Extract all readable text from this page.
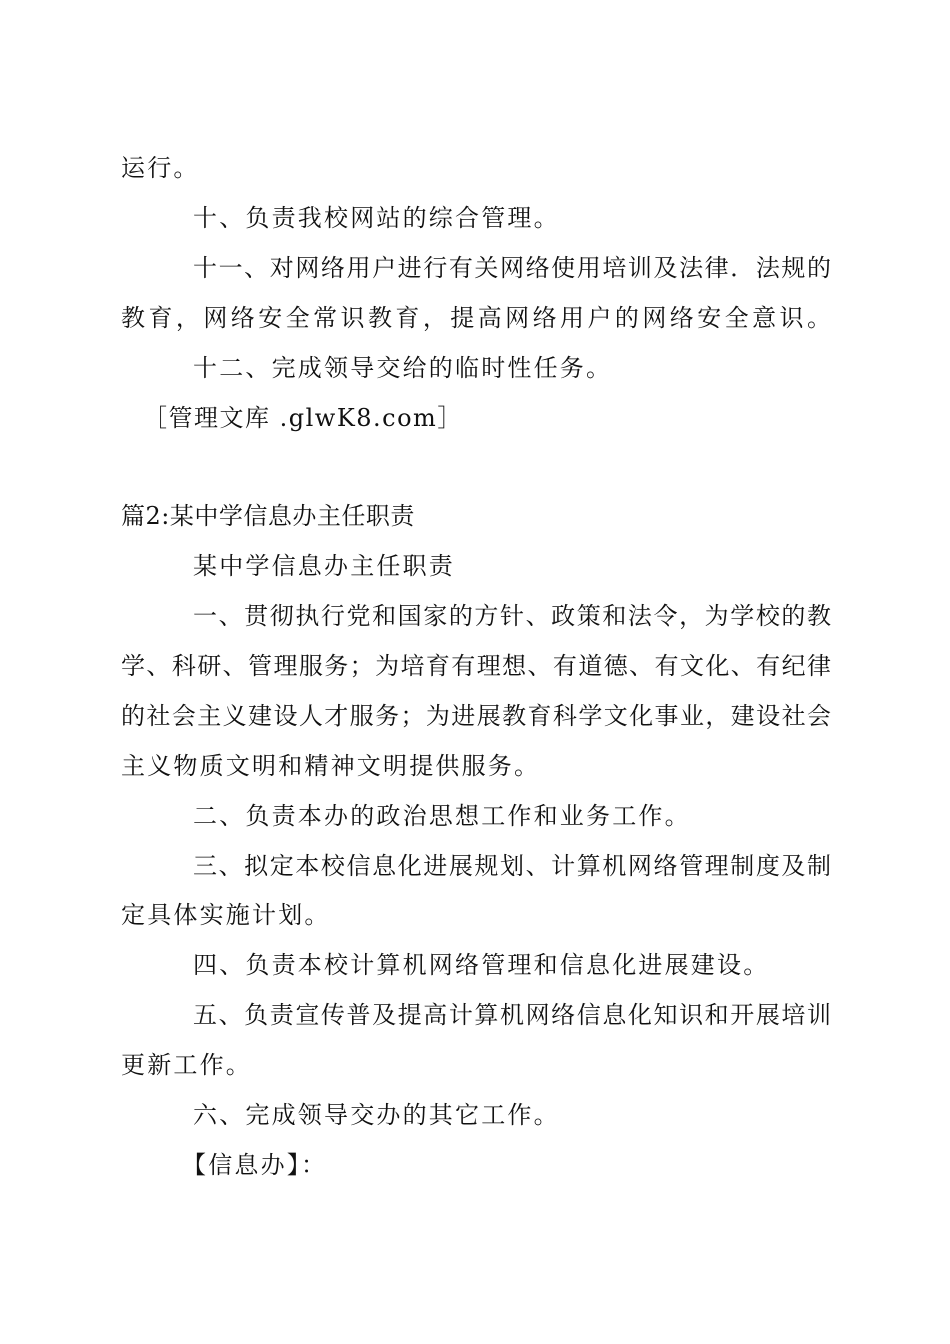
运行。
十、负责我校网站的综合管理。
十一、对网络用户进行有关网络使用培训及法律．法规的
教育，网络安全常识教育，提高网络用户的网络安全意识。
十二、完成领导交给的临时性任务。
［管理文库 .glwK8.com］
篇2:某中学信息办主任职责
某中学信息办主任职责
一、贯彻执行党和国家的方针、政策和法令，为学校的教
学、科研、管理服务；为培育有理想、有道德、有文化、有纪律
的社会主义建设人才服务；为进展教育科学文化事业，建设社会
主义物质文明和精神文明提供服务。
二、负责本办的政治思想工作和业务工作。
三、拟定本校信息化进展规划、计算机网络管理制度及制
定具体实施计划。
四、负责本校计算机网络管理和信息化进展建设。
五、负责宣传普及提高计算机网络信息化知识和开展培训
更新工作。
六、完成领导交办的其它工作。
【信息办】：
